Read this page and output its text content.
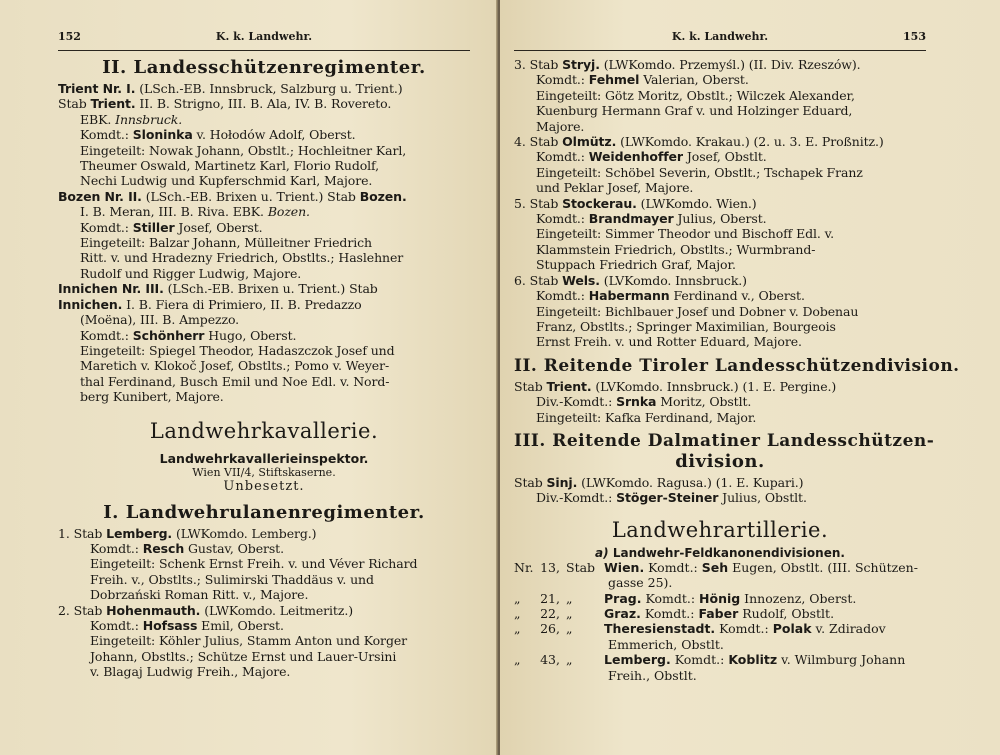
152	K. k. Landwehr.
II. Landesschützenregimenter.
Trient Nr. I. (LSch.-EB. Innsbruck, Salzburg u. Trient.)
Stab Trient. II. B. Strigno, III. B. Ala, IV. B. Rovereto.
EBK. Innsbruck.
Komdt.: Sloninka v. Hołodów Adolf, Oberst.
Eingeteilt: Nowak Johann, Obstlt.; Hochleitner Karl,
Theumer Oswald, Martinetz Karl, Florio Rudolf,
Nechi Ludwig und Kupferschmid Karl, Majore.
Bozen Nr. II. (LSch.-EB. Brixen u. Trient.) Stab Bozen.
I. B. Meran, III. B. Riva. EBK. Bozen.
Komdt.: Stiller Josef, Oberst.
Eingeteilt: Balzar Johann, Mülleitner Friedrich
Ritt. v. und Hradezny Friedrich, Obstlts.; Haslehner
Rudolf und Rigger Ludwig, Majore.
Innichen Nr. III. (LSch.-EB. Brixen u. Trient.) Stab
Innichen. I. B. Fiera di Primiero, II. B. Predazzo
(Moëna), III. B. Ampezzo.
Komdt.: Schönherr Hugo, Oberst.
Eingeteilt: Spiegel Theodor, Hadaszczok Josef und
Maretich v. Klokoč Josef, Obstlts.; Pomo v. Weyer-
thal Ferdinand, Busch Emil und Noe Edl. v. Nord-
berg Kunibert, Majore.
Landwehrkavallerie.
Landwehrkavallerieinspektor.
Wien VII/4, Stiftskaserne.
Unbesetzt.
I. Landwehrulanenregimenter.
1. Stab Lemberg. (LWKomdo. Lemberg.)
Komdt.: Resch Gustav, Oberst.
Eingeteilt: Schenk Ernst Freih. v. und Véver Richard
Freih. v., Obstlts.; Sulimirski Thaddäus v. und
Dobrzański Roman Ritt. v., Majore.
2. Stab Hohenmauth. (LWKomdo. Leitmeritz.)
Komdt.: Hofsass Emil, Oberst.
Eingeteilt: Köhler Julius, Stamm Anton und Korger
Johann, Obstlts.; Schütze Ernst und Lauer-Ursini
v. Blagaj Ludwig Freih., Majore.
K. k. Landwehr.	153
3. Stab Stryj. (LWKomdo. Przemyśl.) (II. Div. Rzeszów).
Komdt.: Fehmel Valerian, Oberst.
Eingeteilt: Götz Moritz, Obstlt.; Wilczek Alexander,
Kuenburg Hermann Graf v. und Holzinger Eduard,
Majore.
4. Stab Olmütz. (LWKomdo. Krakau.) (2. u. 3. E. Proßnitz.)
Komdt.: Weidenhoffer Josef, Obstlt.
Eingeteilt: Schöbel Severin, Obstlt.; Tschapek Franz
und Peklar Josef, Majore.
5. Stab Stockerau. (LWKomdo. Wien.)
Komdt.: Brandmayer Julius, Oberst.
Eingeteilt: Simmer Theodor und Bischoff Edl. v.
Klammstein Friedrich, Obstlts.; Wurmbrand-
Stuppach Friedrich Graf, Major.
6. Stab Wels. (LVKomdo. Innsbruck.)
Komdt.: Habermann Ferdinand v., Oberst.
Eingeteilt: Bichlbauer Josef und Dobner v. Dobenau
Franz, Obstlts.; Springer Maximilian, Bourgeois
Ernst Freih. v. und Rotter Eduard, Majore.
II. Reitende Tiroler Landesschützendivision.
Stab Trient. (LVKomdo. Innsbruck.) (1. E. Pergine.)
Div.-Komdt.: Srnka Moritz, Obstlt.
Eingeteilt: Kafka Ferdinand, Major.
III. Reitende Dalmatiner Landesschützen-
division.
Stab Sinj. (LWKomdo. Ragusa.) (1. E. Kupari.)
Div.-Komdt.: Stöger-Steiner Julius, Obstlt.
Landwehrartillerie.
a) Landwehr-Feldkanonendivisionen.
Nr. 13, Stab Wien. Komdt.: Seh Eugen, Obstlt. (III. Schützen-
gasse 25).
„	21, „	Prag. Komdt.: Hönig Innozenz, Oberst.
„	22, „	Graz. Komdt.: Faber Rudolf, Obstlt.
„	26, „	Theresienstadt. Komdt.: Polak v. Zdiradov
Emmerich, Obstlt.
„	43, „	Lemberg. Komdt.: Koblitz v. Wilmburg Johann
Freih., Obstlt.
